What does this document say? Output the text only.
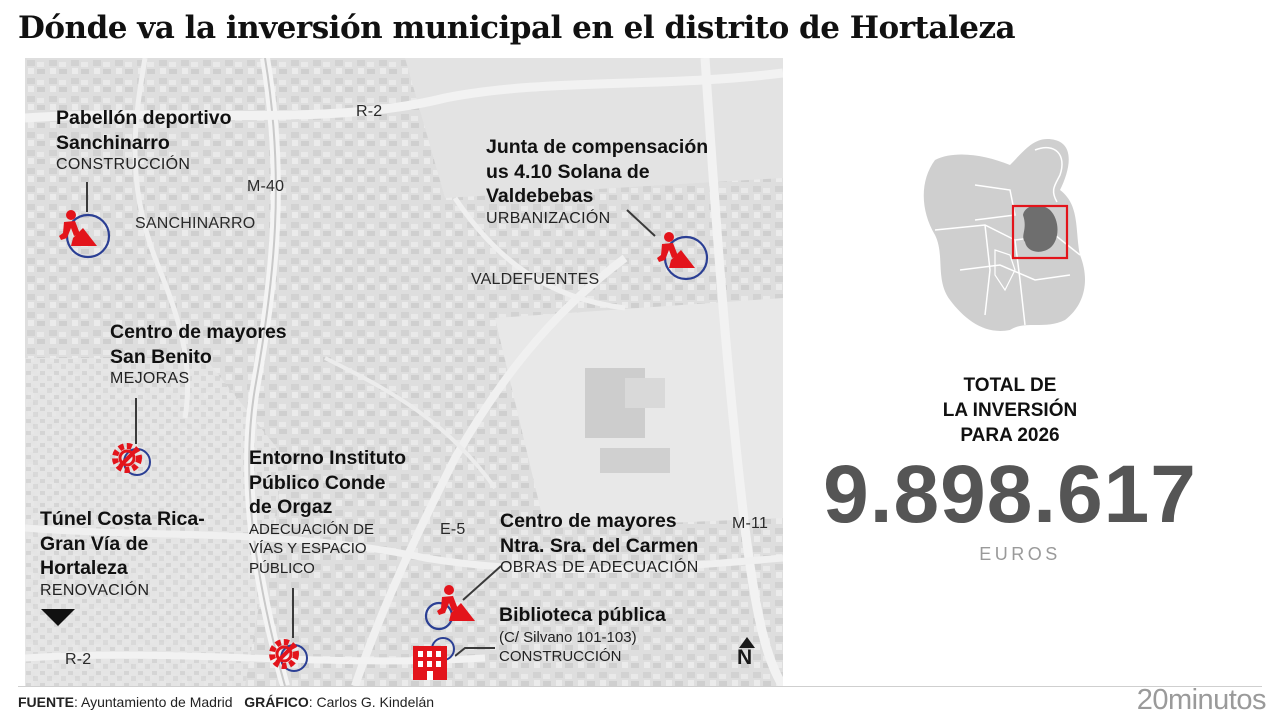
Dónde va la inversión municipal en el distrito de Hortaleza
R-2
M-40
SANCHINARRO
VALDEFUENTES
E-5	M-11
R-2	N
Pabellón deportivo
Sanchinarro
CONSTRUCCIÓN
Junta de compensación
us 4.10 Solana de
Valdebebas
URBANIZACIÓN
Centro de mayores
San Benito
MEJORAS
Entorno Instituto
Público Conde
de Orgaz
ADECUACIÓN DE
VÍAS Y ESPACIO
PÚBLICO
Túnel Costa Rica-
Gran Vía de
Hortaleza
RENOVACIÓN
Centro de mayores
Ntra. Sra. del Carmen
OBRAS DE ADECUACIÓN
Biblioteca pública
(C/ Silvano 101-103)
CONSTRUCCIÓN
TOTAL DE
LA INVERSIÓN
PARA 2026
9.898.617
EUROS
FUENTE: Ayuntamiento de Madrid GRÁFICO: Carlos G. Kindelán	20minutos
